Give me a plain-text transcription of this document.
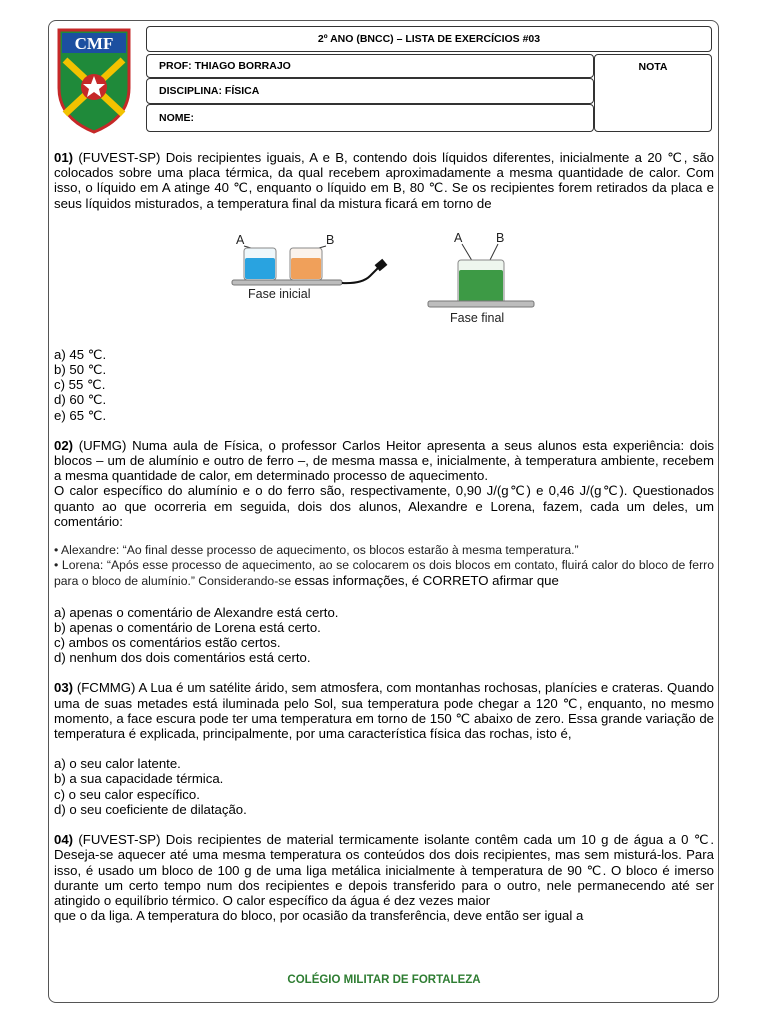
CMF	2º ANO (BNCC) – LISTA DE EXERCÍCIOS #03
PROF: THIAGO BORRAJO	NOTA
DISCIPLINA: FÍSICA
NOME:

01) (FUVEST-SP) Dois recipientes iguais, A e B, contendo dois líquidos diferentes, inicialmente a 20 ℃, são colocados sobre uma placa térmica, da qual recebem aproximadamente a mesma quantidade de calor. Com isso, o líquido em A atinge 40 ℃, enquanto o líquido em B, 80 ℃. Se os recipientes forem retirados da placa e seus líquidos misturados, a temperatura final da mistura ficará em torno de

a) 45 ℃.
b) 50 ℃.
c) 55 ℃.
d) 60 ℃.
e) 65 ℃.

02) (UFMG) Numa aula de Física, o professor Carlos Heitor apresenta a seus alunos esta experiência: dois blocos – um de alumínio e outro de ferro –, de mesma massa e, inicialmente, à temperatura ambiente, recebem a mesma quantidade de calor, em determinado processo de aquecimento.

O calor específico do alumínio e o do ferro são, respectivamente, 0,90 J/(g℃) e 0,46 J/(g℃). Questionados quanto ao que ocorreria em seguida, dois dos alunos, Alexandre e Lorena, fazem, cada um deles, um comentário:

• Alexandre: “Ao final desse processo de aquecimento, os blocos estarão à mesma temperatura.”

• Lorena: “Após esse processo de aquecimento, ao se colocarem os dois blocos em contato, fluirá calor do bloco de ferro para o bloco de alumínio.” Considerando-se essas informações, é CORRETO afirmar que

a) apenas o comentário de Alexandre está certo.
b) apenas o comentário de Lorena está certo.
c) ambos os comentários estão certos.
d) nenhum dos dois comentários está certo.

03) (FCMMG) A Lua é um satélite árido, sem atmosfera, com montanhas rochosas, planícies e crateras. Quando uma de suas metades está iluminada pelo Sol, sua temperatura pode chegar a 120 ℃, enquanto, no mesmo momento, a face escura pode ter uma temperatura em torno de 150 ℃ abaixo de zero. Essa grande variação de temperatura é explicada, principalmente, por uma característica física das rochas, isto é,

a) o seu calor latente.
b) a sua capacidade térmica.
c) o seu calor específico.
d) o seu coeficiente de dilatação.

04) (FUVEST-SP) Dois recipientes de material termicamente isolante contêm cada um 10 g de água a 0 ℃. Deseja-se aquecer até uma mesma temperatura os conteúdos dos dois recipientes, mas sem misturá-los. Para isso, é usado um bloco de 100 g de uma liga metálica inicialmente à temperatura de 90 ℃. O bloco é imerso durante um certo tempo num dos recipientes e depois transferido para o outro, nele permanecendo até ser atingido o equilíbrio térmico. O calor específico da água é dez vezes maior

que o da liga. A temperatura do bloco, por ocasião da transferência, deve então ser igual a

A	B
Fase inicial
A	B
Fase final
COLÉGIO MILITAR DE FORTALEZA
